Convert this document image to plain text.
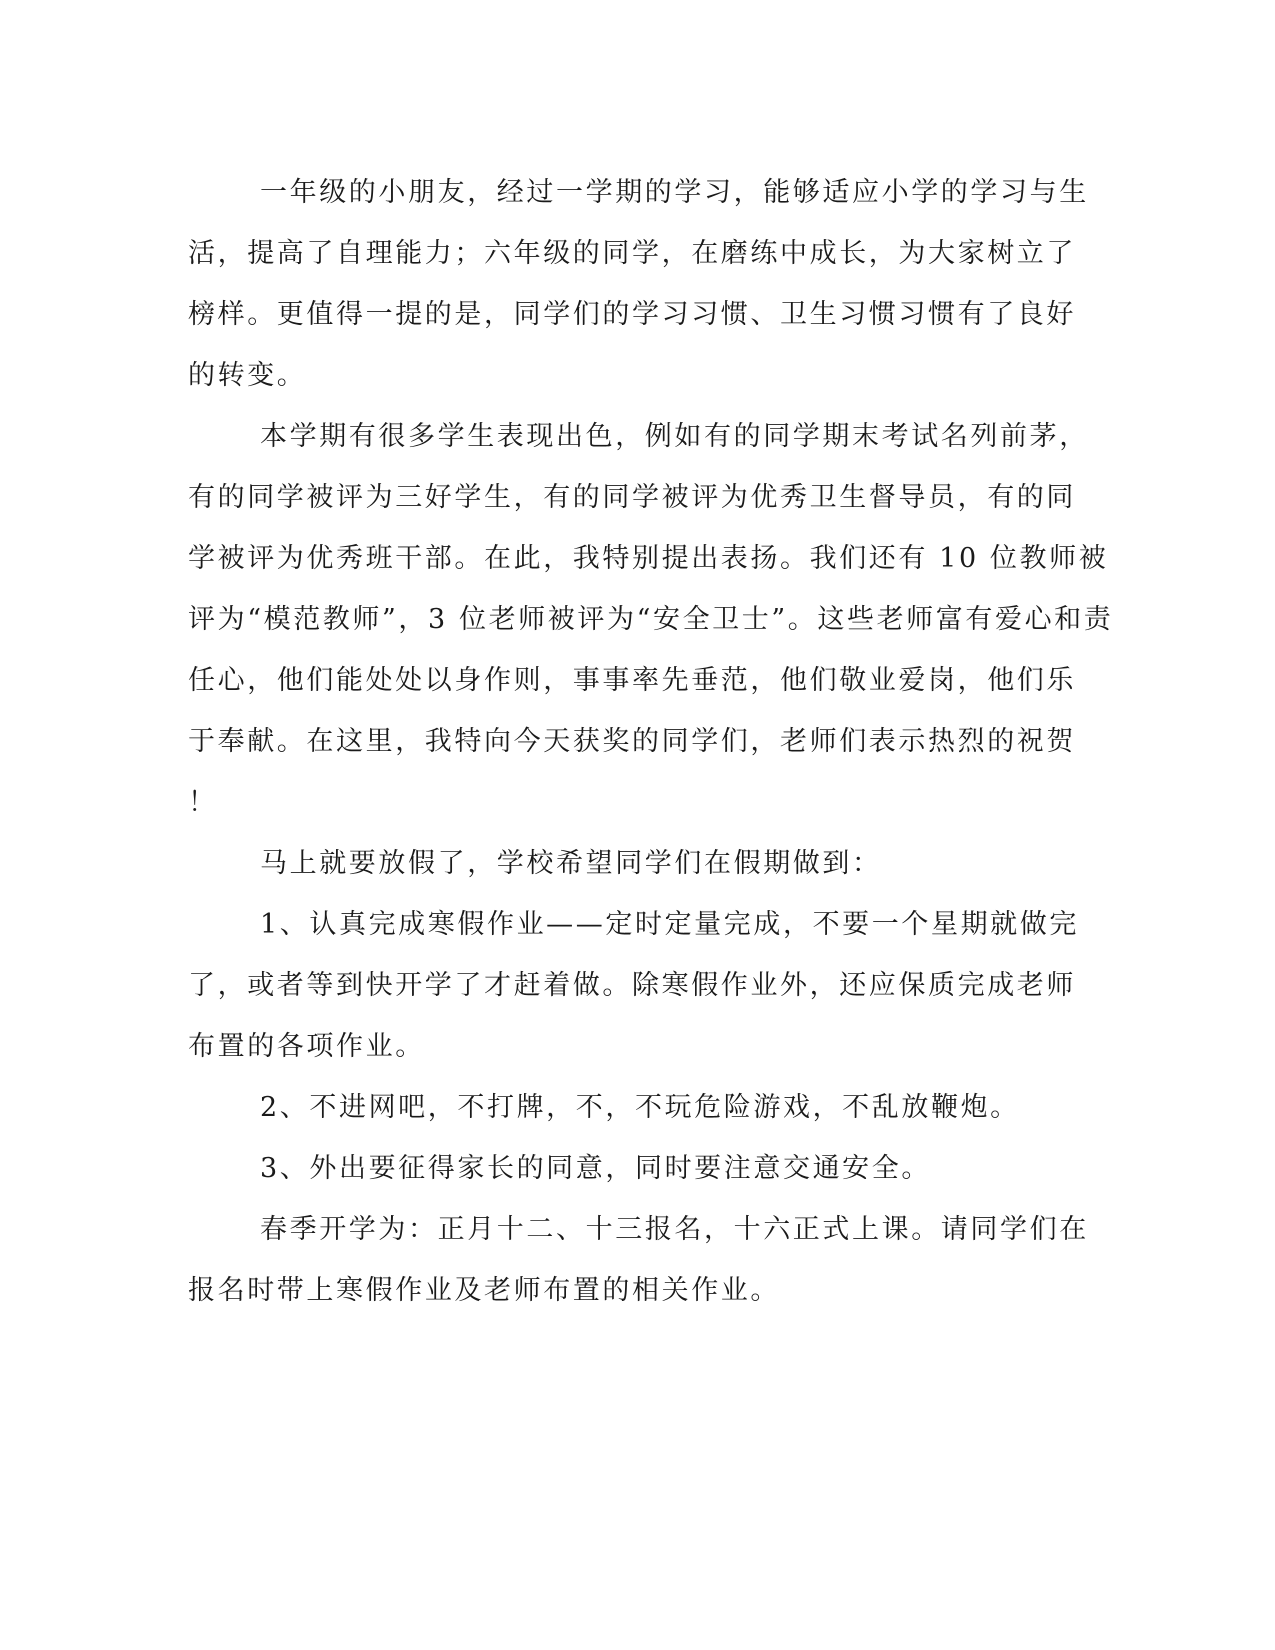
一年级的小朋友，经过一学期的学习，能够适应小学的学习与生
活，提高了自理能力；六年级的同学，在磨练中成长，为大家树立了
榜样。更值得一提的是，同学们的学习习惯、卫生习惯习惯有了良好
的转变。
本学期有很多学生表现出色，例如有的同学期末考试名列前茅，
有的同学被评为三好学生，有的同学被评为优秀卫生督导员，有的同
学被评为优秀班干部。在此，我特别提出表扬。我们还有 10 位教师被
评为“模范教师”，3 位老师被评为“安全卫士”。这些老师富有爱心和责
任心，他们能处处以身作则，事事率先垂范，他们敬业爱岗，他们乐
于奉献。在这里，我特向今天获奖的同学们，老师们表示热烈的祝贺
！
马上就要放假了，学校希望同学们在假期做到：
1、认真完成寒假作业——定时定量完成，不要一个星期就做完
了，或者等到快开学了才赶着做。除寒假作业外，还应保质完成老师
布置的各项作业。
2、不进网吧，不打牌，不，不玩危险游戏，不乱放鞭炮。
3、外出要征得家长的同意，同时要注意交通安全。
春季开学为：正月十二、十三报名，十六正式上课。请同学们在
报名时带上寒假作业及老师布置的相关作业。
